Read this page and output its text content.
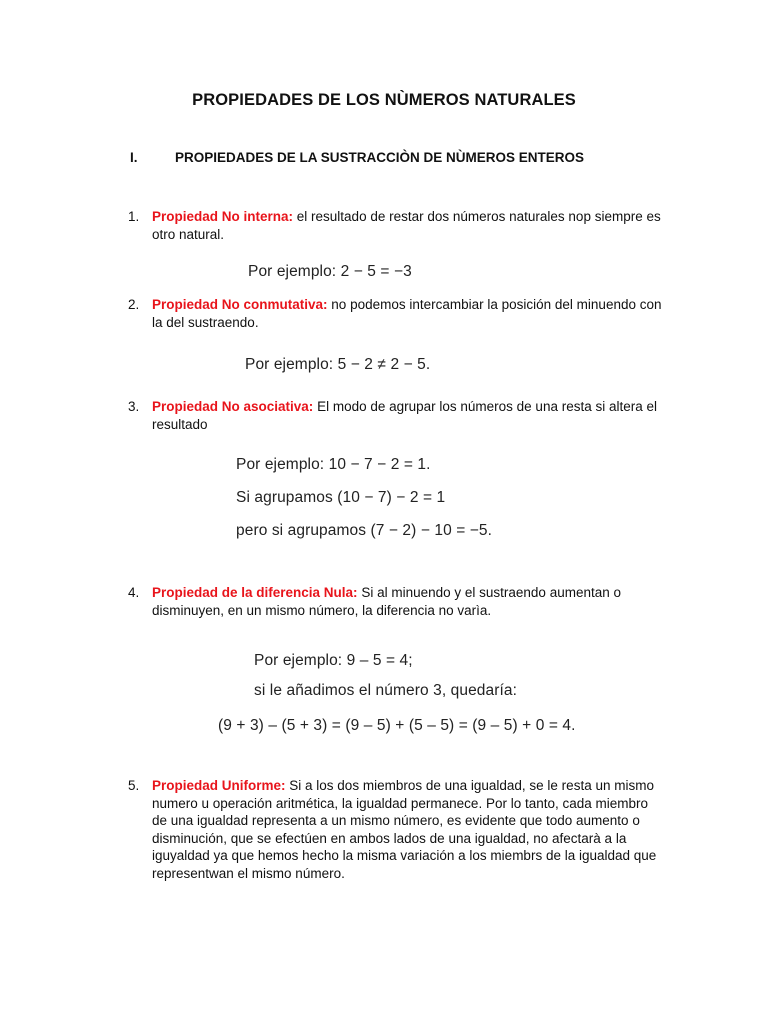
PROPIEDADES DE LOS NÙMEROS NATURALES
I.	PROPIEDADES DE LA SUSTRACCIÒN DE NÙMEROS ENTEROS
1. Propiedad No interna: el resultado de restar dos números naturales nop siempre es otro natural.
Por ejemplo: 2 − 5 = −3
2. Propiedad No conmutativa: no podemos intercambiar la posición del minuendo con la del sustraendo.
Por ejemplo: 5 − 2 ≠ 2 − 5.
3. Propiedad No asociativa: El modo de agrupar los números de una resta si altera el resultado
Por ejemplo: 10 − 7 − 2 = 1.
Si agrupamos (10 − 7) − 2 = 1
pero si agrupamos (7 − 2) − 10 = −5.
4. Propiedad de la diferencia Nula: Si al minuendo y el sustraendo aumentan o disminuyen, en un mismo número, la diferencia no varìa.
Por ejemplo: 9 – 5 = 4;
si le añadimos el número 3, quedaría:
(9 + 3) – (5 + 3) = (9 – 5) + (5 – 5) = (9 – 5) + 0 = 4.
5. Propiedad Uniforme: Si a los dos miembros de una igualdad, se le resta un mismo numero u operación aritmética, la igualdad permanece. Por lo tanto, cada miembro de una igualdad representa a un mismo número, es evidente que todo aumento o disminución, que se efectúen en ambos lados de una igualdad, no afectarà a la iguyaldad ya que hemos hecho la misma variación a los miembrs de la igualdad que representwan el mismo número.
